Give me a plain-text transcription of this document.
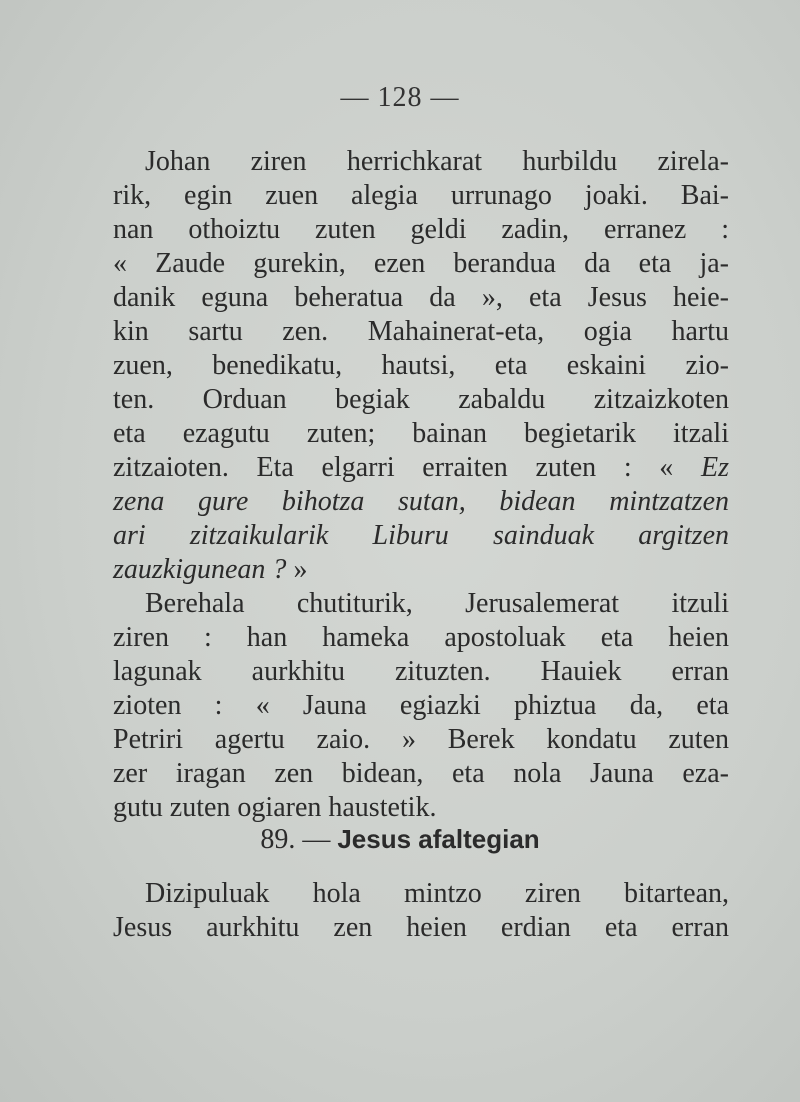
— 128 —
Johan ziren herrichkarat hurbildu zirela-
rik, egin zuen alegia urrunago joaki. Bai-
nan othoiztu zuten geldi zadin, erranez :
« Zaude gurekin, ezen berandua da eta ja-
danik eguna beheratua da », eta Jesus heie-
kin sartu zen. Mahainerat-eta, ogia hartu
zuen, benedikatu, hautsi, eta eskaini zio-
ten. Orduan begiak zabaldu zitzaizkoten
eta ezagutu zuten; bainan begietarik itzali
zitzaioten. Eta elgarri erraiten zuten : « Ez
zena gure bihotza sutan, bidean mintzatzen
ari zitzaikularik Liburu sainduak argitzen
zauzkigunean ? »
Berehala chutiturik, Jerusalemerat itzuli
ziren : han hameka apostoluak eta heien
lagunak aurkhitu zituzten. Hauiek erran
zioten : « Jauna egiazki phiztua da, eta
Petriri agertu zaio. » Berek kondatu zuten
zer iragan zen bidean, eta nola Jauna eza-
gutu zuten ogiaren haustetik.
89. — Jesus afaltegian
Dizipuluak hola mintzo ziren bitartean,
Jesus aurkhitu zen heien erdian eta erran
